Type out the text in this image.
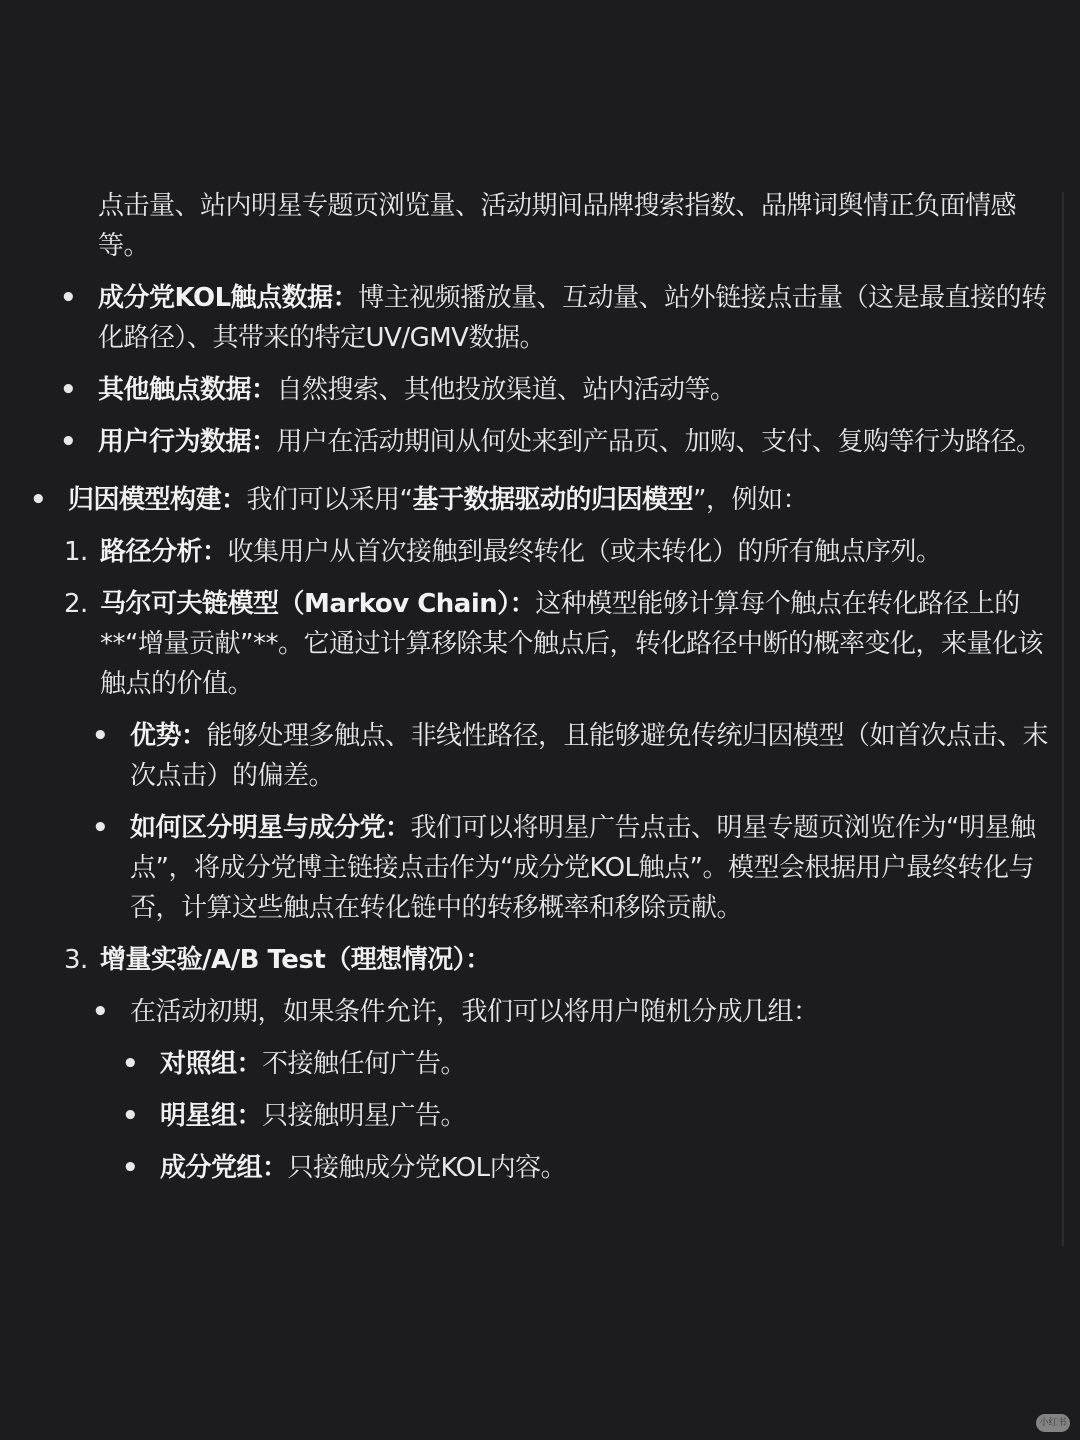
点击量、站内明星专题页浏览量、活动期间品牌搜索指数、品牌词舆情正负面情感等。
• 成分党KOL触点数据：博主视频播放量、互动量、站外链接点击量（这是最直接的转化路径）、其带来的特定UV/GMV数据。
• 其他触点数据：自然搜索、其他投放渠道、站内活动等。
• 用户行为数据：用户在活动期间从何处来到产品页、加购、支付、复购等行为路径。
• 归因模型构建：我们可以采用“基于数据驱动的归因模型”，例如：
1. 路径分析：收集用户从首次接触到最终转化（或未转化）的所有触点序列。
2. 马尔可夫链模型（Markov Chain）：这种模型能够计算每个触点在转化路径上的**“增量贡献”**。它通过计算移除某个触点后，转化路径中断的概率变化，来量化该触点的价值。
• 优势：能够处理多触点、非线性路径，且能够避免传统归因模型（如首次点击、末次点击）的偏差。
• 如何区分明星与成分党：我们可以将明星广告点击、明星专题页浏览作为“明星触点”，将成分党博主链接点击作为“成分党KOL触点”。模型会根据用户最终转化与否，计算这些触点在转化链中的转移概率和移除贡献。
3. 增量实验/A/B Test（理想情况）：
• 在活动初期，如果条件允许，我们可以将用户随机分成几组：
• 对照组：不接触任何广告。
• 明星组：只接触明星广告。
• 成分党组：只接触成分党KOL内容。
小红书
